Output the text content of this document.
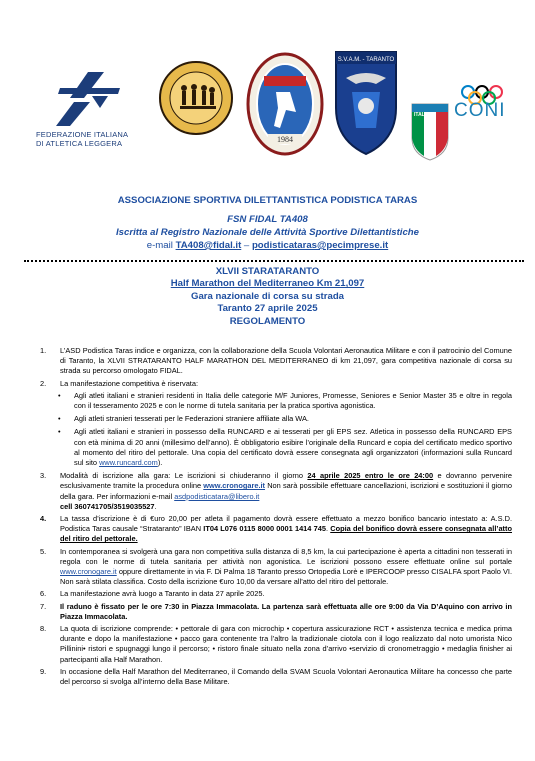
FEDERAZIONE ITALIANA
DI ATLETICA LEGGERA	1984
S.V.A.M. - TARANTO
ITALIA CONI
ASSOCIAZIONE SPORTIVA DILETTANTISTICA PODISTICA TARAS
FSN FIDAL TA408
Iscritta al Registro Nazionale delle Attività Sportive Dilettantistiche
e-mail TA408@fidal.it – podisticataras@pecimprese.it
XLVII STARATARANTO
Half Marathon del Mediterraneo Km 21,097
Gara nazionale di corsa su strada
Taranto 27 aprile 2025
REGOLAMENTO
1. L’ASD Podistica Taras indice e organizza, con la collaborazione della Scuola Volontari Aeronautica Militare e con il patrocinio del Comune di Taranto, la XLVII STRATARANTO HALF MARATHON DEL MEDITERRANEO di km 21,097, gara competitiva nazionale di corsa su strada su percorso omologato FIDAL.
2. La manifestazione competitiva è riservata:
• Agli atleti italiani e stranieri residenti in Italia delle categorie M/F Juniores, Promesse, Seniores e Senior Master 35 e oltre in regola con il tesseramento 2025 e con le norme di tutela sanitaria per la pratica sportiva agonistica.
• Agli atleti stranieri tesserati per le Federazioni straniere affiliate alla WA.
• Agli atleti italiani e stranieri in possesso della RUNCARD e ai tesserati per gli EPS sez. Atletica in possesso della RUNCARD EPS con età minima di 20 anni (millesimo dell’anno). È obbligatorio esibire l’originale della Runcard e copia del certificato medico sportivo al momento del ritiro del pettorale. Una copia del certificato dovrà essere consegnata agli organizzatori (informazioni sulla Runcard sul sito www.runcard.com).
3. Modalità di iscrizione alla gara: Le iscrizioni si chiuderanno il giorno 24 aprile 2025 entro le ore 24:00 e dovranno pervenire esclusivamente tramite la procedura online www.cronogare.it Non sarà possibile effettuare cancellazioni, iscrizioni e sostituzioni il giorno della gara. Per informazioni e-mail asdpodisticatara@libero.it
cell 360741705/3519035527.
4. La tassa d’iscrizione è di €uro 20,00 per atleta il pagamento dovrà essere effettuato a mezzo bonifico bancario intestato a: A.S.D. Podistica Taras causale “Strataranto” IBAN IT04 L076 0115 8000 0001 1414 745. Copia del bonifico dovrà essere consegnata all’atto del ritiro del pettorale.
5. In contemporanea si svolgerà una gara non competitiva sulla distanza di 8,5 km, la cui partecipazione è aperta a cittadini non tesserati in regola con le norme di tutela sanitaria per attività non agonistica. Le iscrizioni possono essere effettuate online sul portale www.cronogare.it oppure direttamente in via F. Di Palma 18 Taranto presso Ortopedia Lorè e IPERCOOP presso CISALFA sport Paolo VI. Non sarà stilata classifica. Costo della iscrizione €uro 10,00 da versare all’atto del ritiro del pettorale.
6. La manifestazione avrà luogo a Taranto in data 27 aprile 2025.
7. Il raduno è fissato per le ore 7:30 in Piazza Immacolata. La partenza sarà effettuata alle ore 9:00 da Via D’Aquino con arrivo in Piazza Immacolata.
8. La quota di iscrizione comprende: • pettorale di gara con microchip • copertura assicurazione RCT • assistenza tecnica e medica prima durante e dopo la manifestazione • pacco gara contenente tra l’altro la tradizionale ciotola con il logo realizzato dal noto umorista Nico Pillinini• ristori e spugnaggi lungo il percorso; • ristoro finale situato nella zona d’arrivo •servizio di cronometraggio • medaglia finisher ai partecipanti alla Half Marathon.
9. In occasione della Half Marathon del Mediterraneo, il Comando della SVAM Scuola Volontari Aeronautica Militare ha concesso che parte del percorso si svolga all’interno della Base Militare.
